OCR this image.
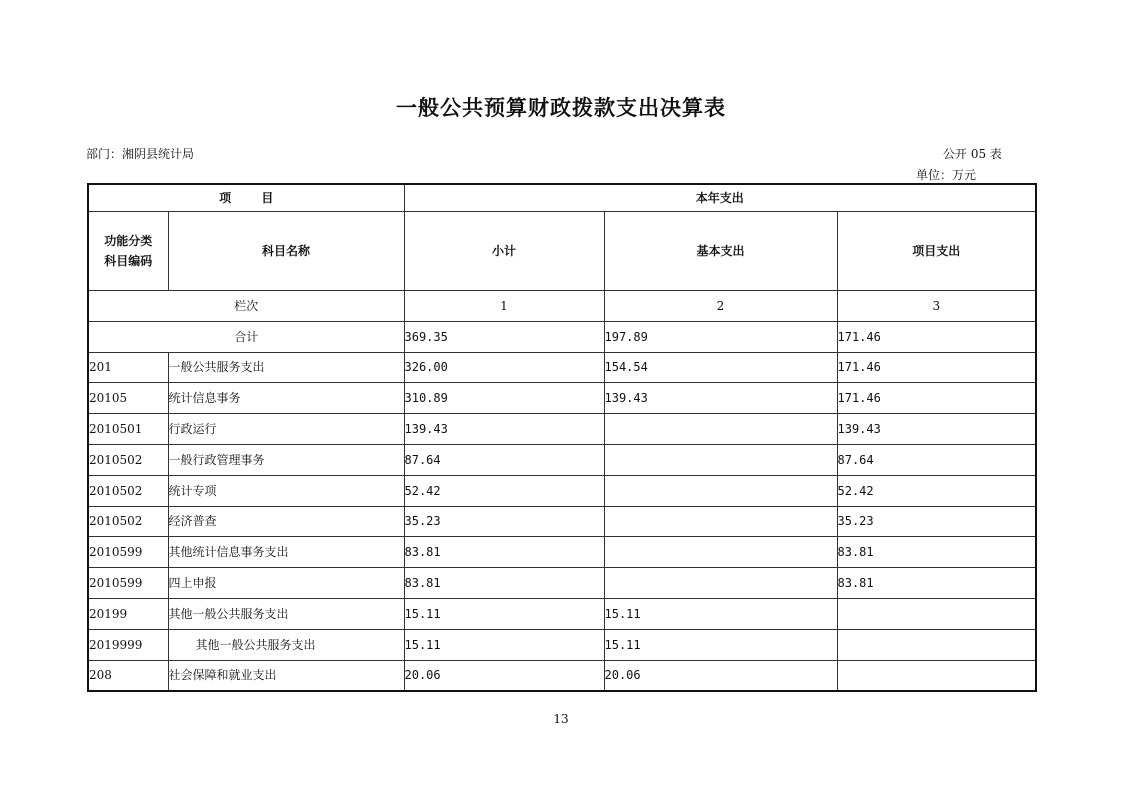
一般公共预算财政拨款支出决算表
部门：湘阴县统计局	公开 05 表
单位：万元
项 目		本年支出		
功能分类科目编码	科目名称	小计	基本支出	项目支出
栏次		1	2	3
合计		369.35	197.89	171.46
201	一般公共服务支出	326.00	154.54	171.46
20105	统计信息事务	310.89	139.43	171.46
2010501	行政运行	139.43		139.43
2010502	一般行政管理事务	87.64		87.64
2010502	统计专项	52.42		52.42
2010502	经济普查	35.23		35.23
2010599	其他统计信息事务支出	83.81		83.81
2010599	四上申报	83.81		83.81
20199	其他一般公共服务支出	15.11	15.11	
2019999	其他一般公共服务支出	15.11	15.11	
208	社会保障和就业支出	20.06	20.06	
13
